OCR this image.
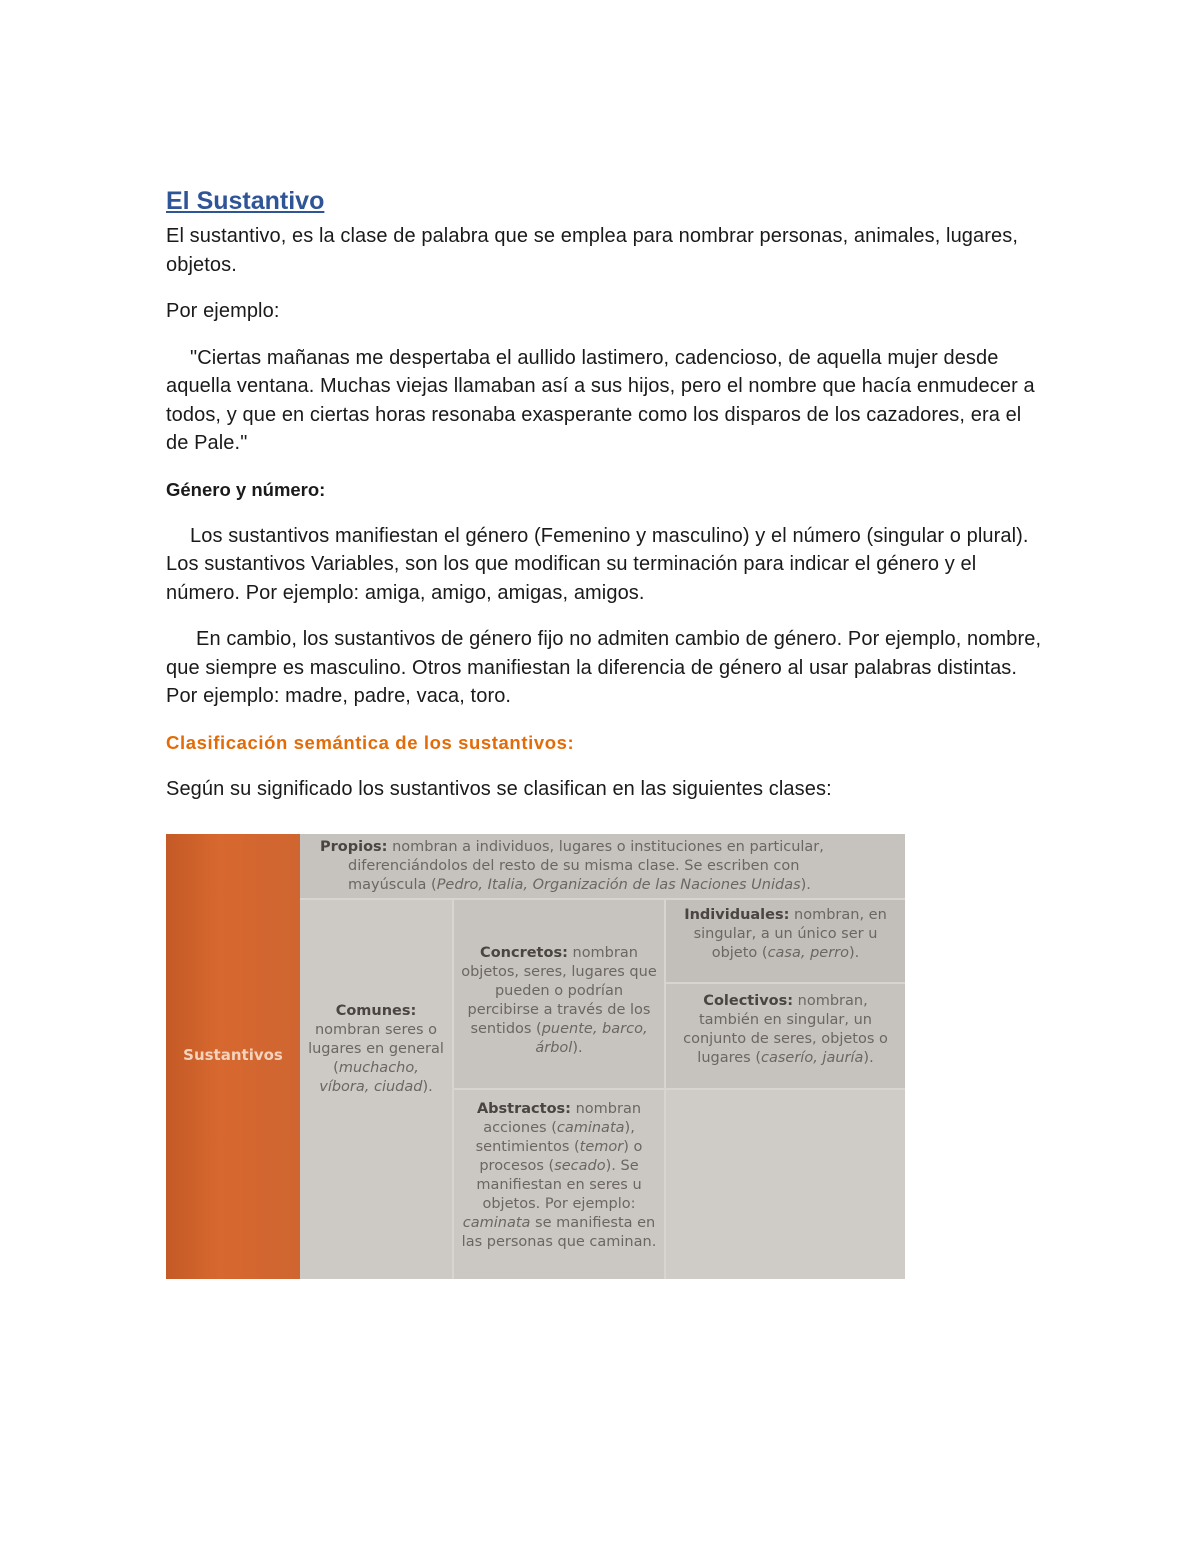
El Sustantivo

El sustantivo, es la clase de palabra que se emplea para nombrar personas, animales, lugares, objetos.

Por ejemplo:

"Ciertas mañanas me despertaba el aullido lastimero, cadencioso, de aquella mujer desde aquella ventana. Muchas viejas llamaban así a sus hijos, pero el nombre que hacía enmudecer a todos, y que en ciertas horas resonaba exasperante como los disparos de los cazadores, era el de Pale."

Género y número:

Los sustantivos manifiestan el género (Femenino y masculino) y el número (singular o plural). Los sustantivos Variables, son los que modifican su terminación para indicar el género y el número. Por ejemplo: amiga, amigo, amigas, amigos.

En cambio, los sustantivos de género fijo no admiten cambio de género. Por ejemplo, nombre, que siempre es masculino. Otros manifiestan la diferencia de género al usar palabras distintas. Por ejemplo: madre, padre, vaca, toro.

Clasificación semántica de los sustantivos:

Según su significado los sustantivos se clasifican en las siguientes clases:

Sustantivos
Propios: nombran a individuos, lugares o instituciones en particular,
diferenciándolos del resto de su misma clase. Se escriben con
mayúscula (Pedro, Italia, Organización de las Naciones Unidas).
Comunes:
nombran seres o lugares en general (muchacho, víbora, ciudad).
Concretos: nombran objetos, seres, lugares que pueden o podrían percibirse a través de los sentidos (puente, barco, árbol).
Abstractos: nombran acciones (caminata), sentimientos (temor) o procesos (secado). Se manifiestan en seres u objetos. Por ejemplo: caminata se manifiesta en las personas que caminan.
Individuales: nombran, en singular, a un único ser u objeto (casa, perro).
Colectivos: nombran, también en singular, un conjunto de seres, objetos o lugares (caserío, jauría).
